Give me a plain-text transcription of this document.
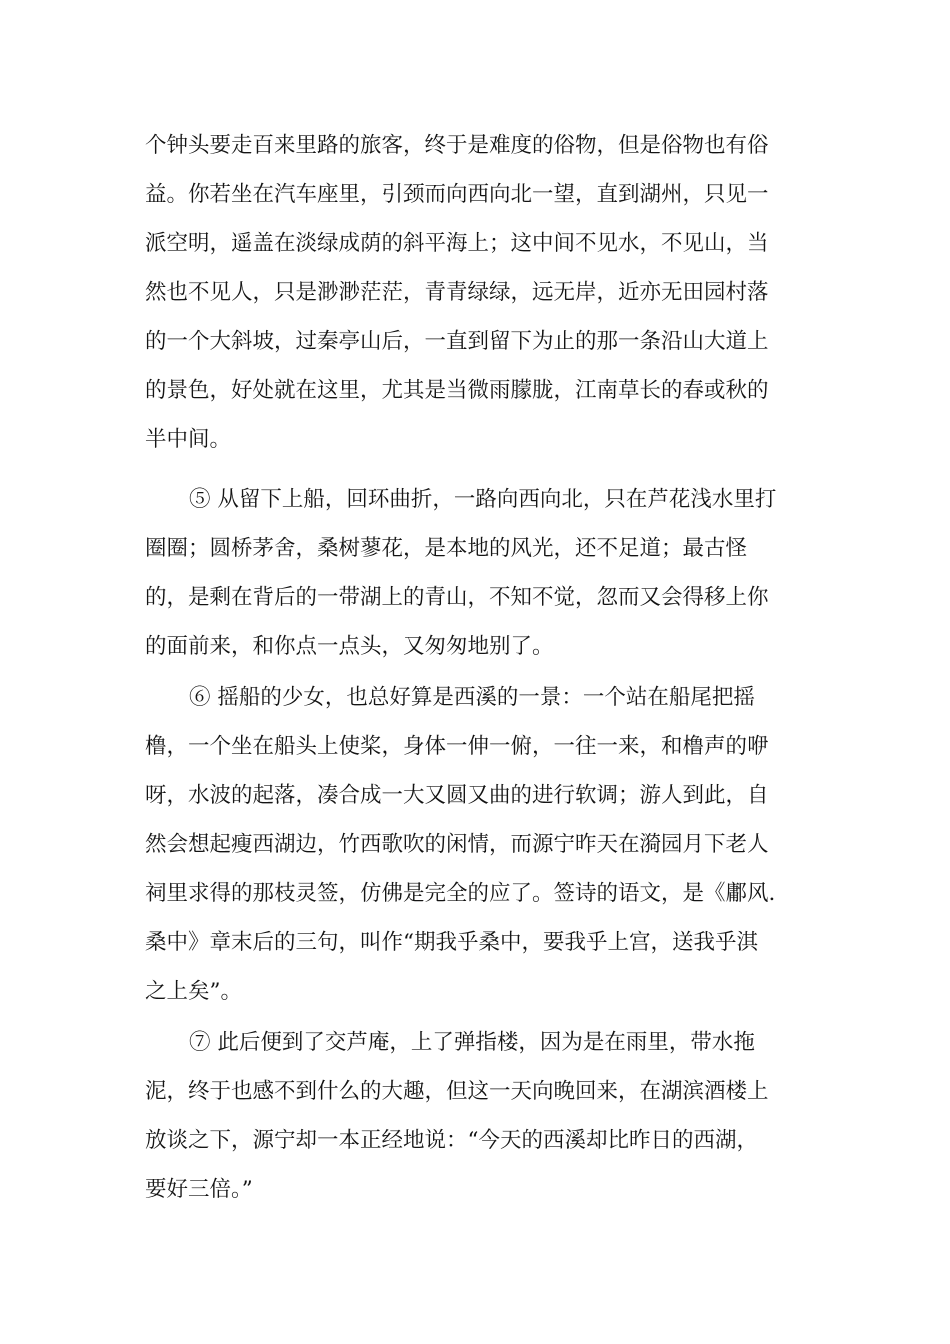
个钟头要走百来里路的旅客，终于是难度的俗物，但是俗物也有俗
益。你若坐在汽车座里，引颈而向西向北一望，直到湖州，只见一
派空明，遥盖在淡绿成荫的斜平海上；这中间不见水，不见山，当
然也不见人，只是渺渺茫茫，青青绿绿，远无岸，近亦无田园村落
的一个大斜坡，过秦亭山后，一直到留下为止的那一条沿山大道上
的景色，好处就在这里，尤其是当微雨朦胧，江南草长的春或秋的
半中间。
⑤ 从留下上船，回环曲折，一路向西向北，只在芦花浅水里打
圈圈；圆桥茅舍，桑树蓼花，是本地的风光，还不足道；最古怪
的，是剩在背后的一带湖上的青山，不知不觉，忽而又会得移上你
的面前来，和你点一点头，又匆匆地别了。
⑥ 摇船的少女，也总好算是西溪的一景：一个站在船尾把摇
橹，一个坐在船头上使桨，身体一伸一俯，一往一来，和橹声的咿
呀，水波的起落，凑合成一大又圆又曲的进行软调；游人到此，自
然会想起瘦西湖边，竹西歌吹的闲情，而源宁昨天在漪园月下老人
祠里求得的那枝灵签，仿佛是完全的应了。签诗的语文，是《鄘风.
桑中》章末后的三句，叫作“期我乎桑中，要我乎上宫，送我乎淇
之上矣”。
⑦ 此后便到了交芦庵，上了弹指楼，因为是在雨里，带水拖
泥，终于也感不到什么的大趣，但这一天向晚回来，在湖滨酒楼上
放谈之下，源宁却一本正经地说：“今天的西溪却比昨日的西湖，
要好三倍。”
